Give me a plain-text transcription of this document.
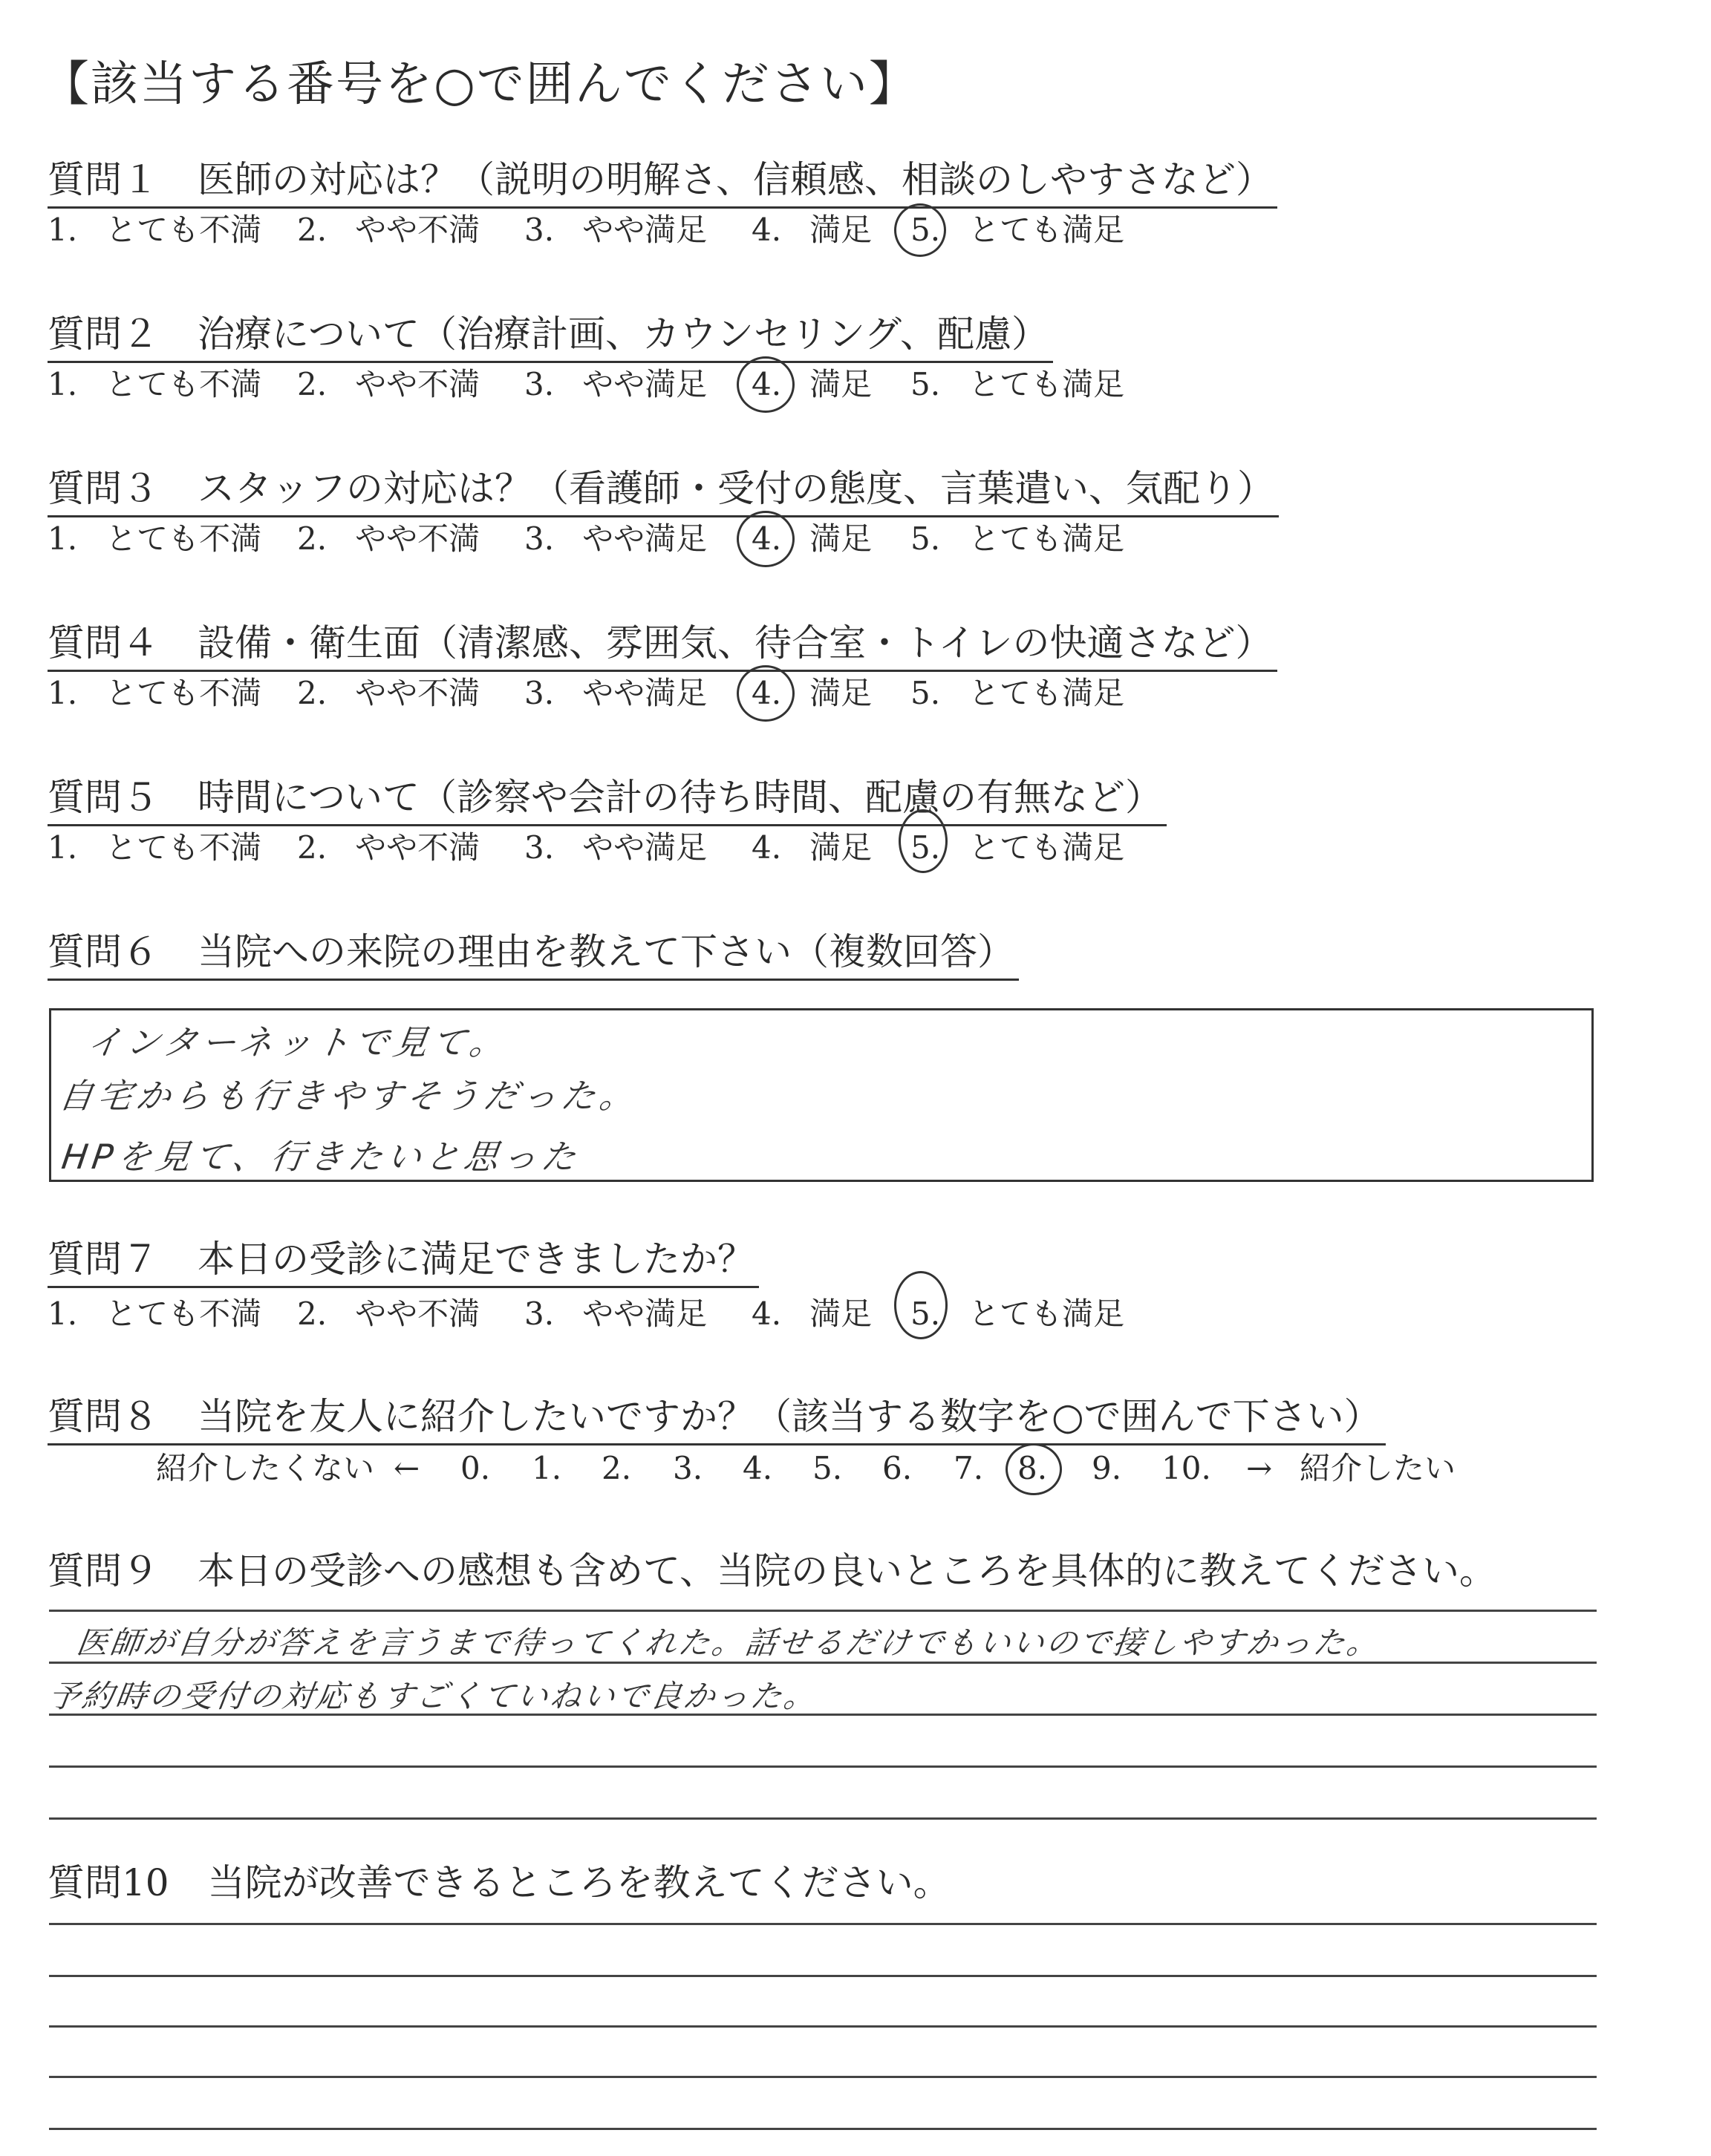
【該当する番号を○で囲んでください】
質問１ 医師の対応は？（説明の明解さ、信頼感、相談のしやすさなど）
1. とても不満 2. やや不満 3. やや満足 4. 満足 5. とても満足
質問２ 治療について（治療計画、カウンセリング、配慮）
1. とても不満 2. やや不満 3. やや満足 4. 満足 5. とても満足
質問３ スタッフの対応は？（看護師・受付の態度、言葉遣い、気配り）
1. とても不満 2. やや不満 3. やや満足 4. 満足 5. とても満足
質問４ 設備・衛生面（清潔感、雰囲気、待合室・トイレの快適さなど）
1. とても不満 2. やや不満 3. やや満足 4. 満足 5. とても満足
質問５ 時間について（診察や会計の待ち時間、配慮の有無など）
1. とても不満 2. やや不満 3. やや満足 4. 満足 5. とても満足
質問６ 当院への来院の理由を教えて下さい（複数回答）
インターネットで見て。
自宅からも行きやすそうだった。
HPを見て、行きたいと思った
質問７ 本日の受診に満足できましたか？
1. とても不満 2. やや不満 3. やや満足 4. 満足 5. とても満足
質問８ 当院を友人に紹介したいですか？（該当する数字を○で囲んで下さい）
紹介したくない ← 0. 1. 2. 3. 4. 5. 6. 7. 8. 9. 10. → 紹介したい
質問９ 本日の受診への感想も含めて、当院の良いところを具体的に教えてください。
医師が自分が答えを言うまで待ってくれた。話せるだけでもいいので接しやすかった。
予約時の受付の対応もすごくていねいで良かった。
質問10 当院が改善できるところを教えてください。
